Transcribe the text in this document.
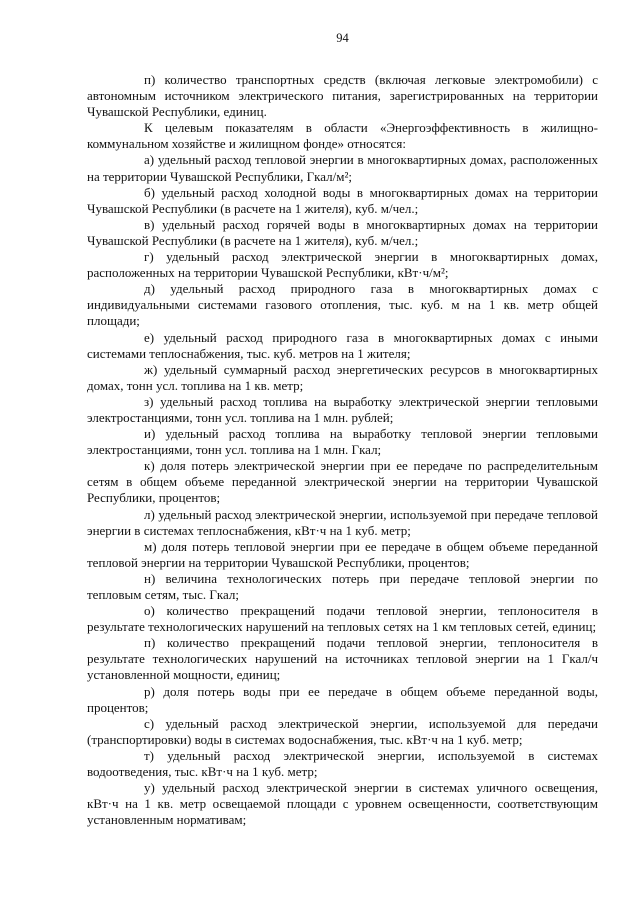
94

п) количество транспортных средств (включая легковые электромобили) с автономным источником электрического питания, зарегистрированных на территории Чувашской Республики, единиц.

К целевым показателям в области «Энергоэффективность в жилищно-коммунальном хозяйстве и жилищном фонде» относятся:

а) удельный расход тепловой энергии в многоквартирных домах, расположенных на территории Чувашской Республики, Гкал/м²;

б) удельный расход холодной воды в многоквартирных домах на территории Чувашской Республики (в расчете на 1 жителя), куб. м/чел.;

в) удельный расход горячей воды в многоквартирных домах на территории Чувашской Республики (в расчете на 1 жителя), куб. м/чел.;

г) удельный расход электрической энергии в многоквартирных домах, расположенных на территории Чувашской Республики, кВт·ч/м²;

д) удельный расход природного газа в многоквартирных домах с индивидуальными системами газового отопления, тыс. куб. м на 1 кв. метр общей площади;

е) удельный расход природного газа в многоквартирных домах с иными системами теплоснабжения, тыс. куб. метров на 1 жителя;

ж) удельный суммарный расход энергетических ресурсов в многоквартирных домах, тонн усл. топлива на 1 кв. метр;

з) удельный расход топлива на выработку электрической энергии тепловыми электростанциями, тонн усл. топлива на 1 млн. рублей;

и) удельный расход топлива на выработку тепловой энергии тепловыми электростанциями, тонн усл. топлива на 1 млн. Гкал;

к) доля потерь электрической энергии при ее передаче по распределительным сетям в общем объеме переданной электрической энергии на территории Чувашской Республики, процентов;

л) удельный расход электрической энергии, используемой при передаче тепловой энергии в системах теплоснабжения, кВт·ч на 1 куб. метр;

м) доля потерь тепловой энергии при ее передаче в общем объеме переданной тепловой энергии на территории Чувашской Республики, процентов;

н) величина технологических потерь при передаче тепловой энергии по тепловым сетям, тыс. Гкал;

о) количество прекращений подачи тепловой энергии, теплоносителя в результате технологических нарушений на тепловых сетях на 1 км тепловых сетей, единиц;

п) количество прекращений подачи тепловой энергии, теплоносителя в результате технологических нарушений на источниках тепловой энергии на 1 Гкал/ч установленной мощности, единиц;

р) доля потерь воды при ее передаче в общем объеме переданной воды, процентов;

с) удельный расход электрической энергии, используемой для передачи (транспортировки) воды в системах водоснабжения, тыс. кВт·ч на 1 куб. метр;

т) удельный расход электрической энергии, используемой в системах водоотведения, тыс. кВт·ч на 1 куб. метр;

у) удельный расход электрической энергии в системах уличного освещения, кВт·ч на 1 кв. метр освещаемой площади с уровнем освещенности, соответствующим установленным нормативам;
